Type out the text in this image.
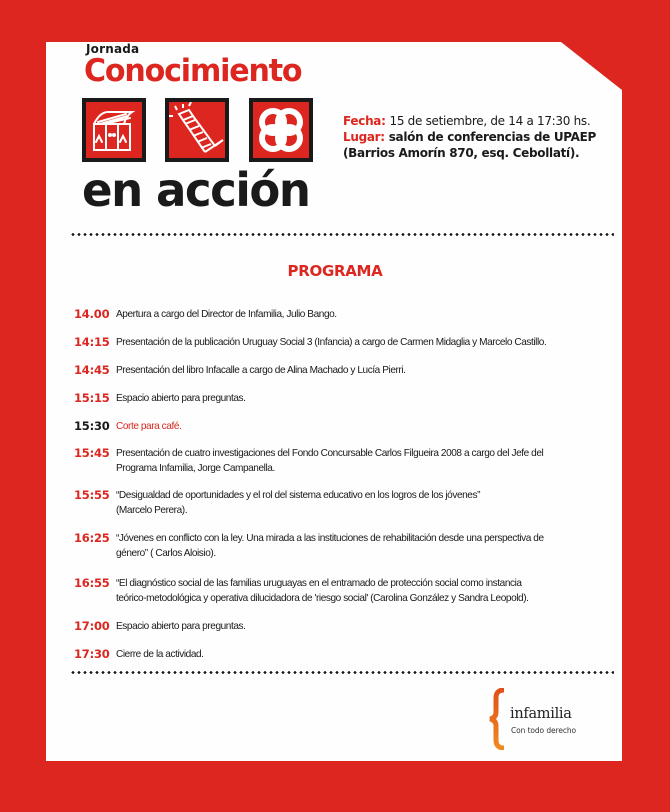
Jornada
Conocimiento
en acción
Fecha: 15 de setiembre, de 14 a 17:30 hs.
Lugar: salón de conferencias de UPAEP
(Barrios Amorín 870, esq. Cebollatí).
PROGRAMA
14.00 Apertura a cargo del Director de Infamilia, Julio Bango.
14:15 Presentación de la publicación Uruguay Social 3 (Infancia) a cargo de Carmen Midaglia y Marcelo Castillo.
14:45 Presentación del libro Infacalle a cargo de Alina Machado y Lucía Pierri.
15:15 Espacio abierto para preguntas.
15:30 Corte para café.
15:45 Presentación de cuatro investigaciones del Fondo Concursable Carlos Filgueira 2008 a cargo del Jefe del
Programa Infamilia, Jorge Campanella.
15:55 “Desigualdad de oportunidades y el rol del sistema educativo en los logros de los jóvenes”
(Marcelo Perera).
16:25 “Jóvenes en conflicto con la ley. Una mirada a las instituciones de rehabilitación desde una perspectiva de
género” ( Carlos Aloisio).
16:55 “El diagnóstico social de las familias uruguayas en el entramado de protección social como instancia
teórico-metodológica y operativa dilucidadora de 'riesgo social' (Carolina González y Sandra Leopold).
17:00 Espacio abierto para preguntas.
17:30 Cierre de la actividad.
infamilia
Con todo derecho
